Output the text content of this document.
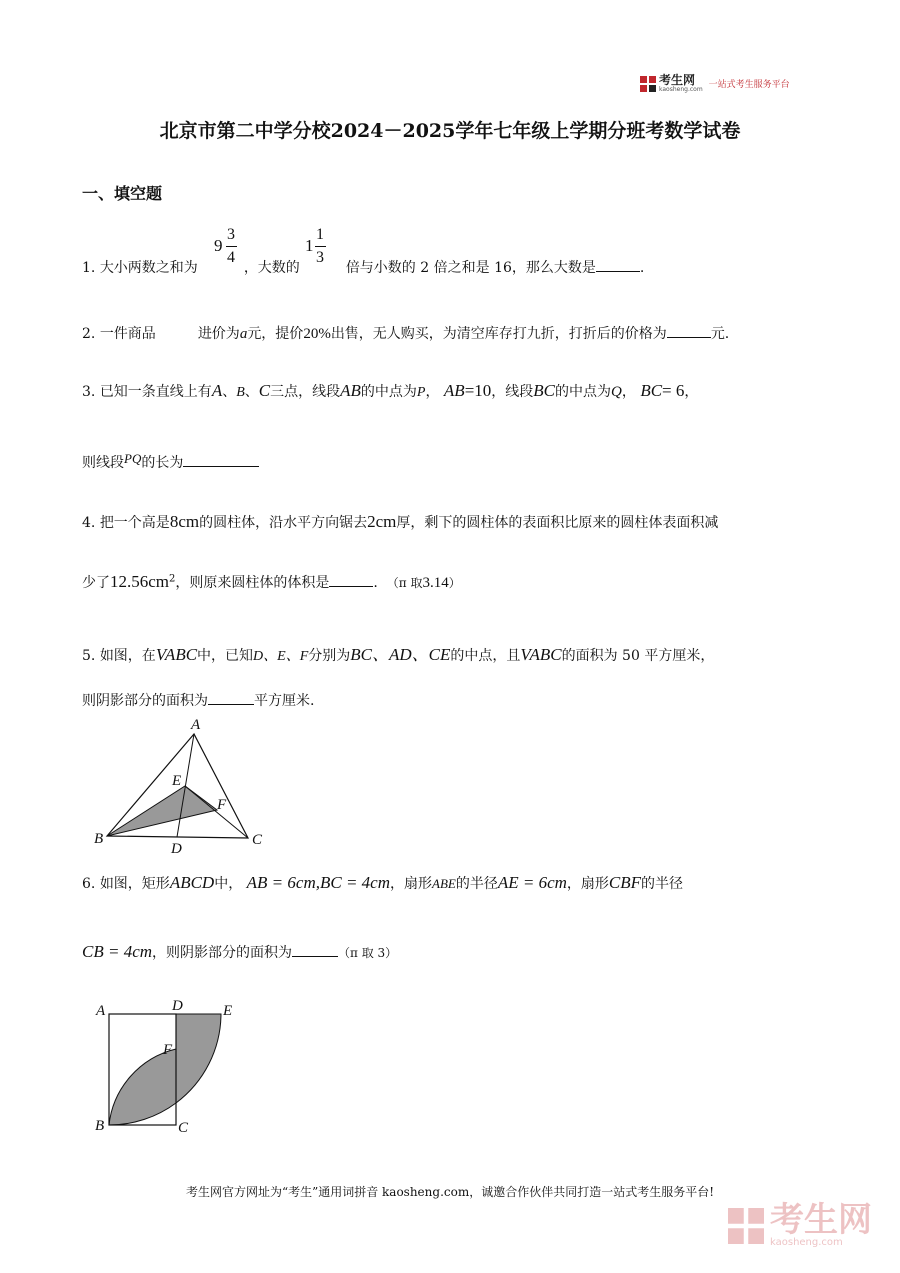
考生网
kaosheng.com 一站式考生服务平台
北京市第二中学分校2024－2025学年七年级上学期分班考数学试卷
一、填空题
1. 大小两数之和为	，大数的	倍与小数的 2 倍之和是 16，那么大数是	.
9
3
4
1
1
3
2. 一件商品	进价为a元，提价20%出售，无人购买，为清空库存打九折，打折后的价格为	元.
3. 已知一条直线上有A、B、C三点，线段AB的中点为P， AB=10，线段BC的中点为Q， BC= 6，
则线段PQ的长为
4. 把一个高是8cm的圆柱体，沿水平方向锯去2cm厚，剩下的圆柱体的表面积比原来的圆柱体表面积减
少了$12.56cm^2$，则原来圆柱体的体积是	. （π 取3.14）
5. 如图，在VABC中，已知D、E、F分别为BC、AD、CE的中点，且VABC的面积为 50 平方厘米，
则阴影部分的面积为	平方厘米.
A
B	C
D
E
F
6. 如图，矩形ABCD中， AB = 6cm,BC = 4cm，扇形ABE的半径AE = 6cm，扇形CBF的半径
CB = 4cm，则阴影部分的面积为	（π 取 3）
A	D	E
F
B	C
考生网官方网址为“考生”通用词拼音 kaosheng.com，诚邀合作伙伴共同打造一站式考生服务平台!
考生网
kaosheng.com
